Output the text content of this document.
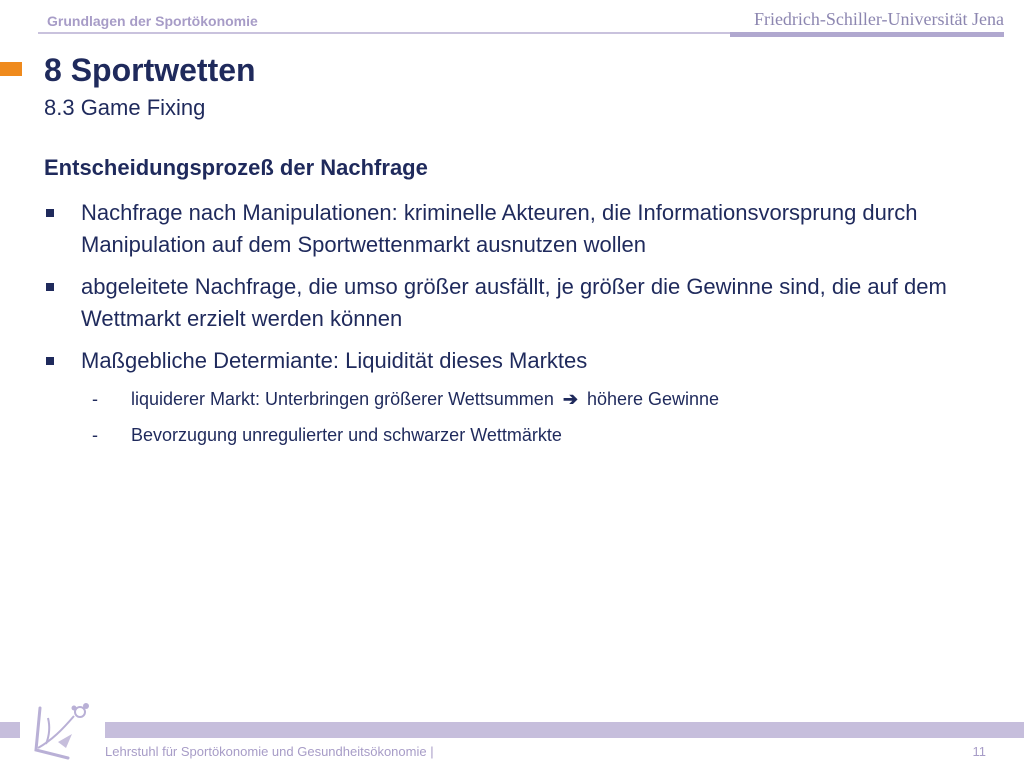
Grundlagen der Sportökonomie	Friedrich-Schiller-Universität Jena
8 Sportwetten
8.3 Game Fixing
Entscheidungsprozeß der Nachfrage
Nachfrage nach Manipulationen: kriminelle Akteuren, die Informationsvorsprung durch Manipulation auf dem Sportwettenmarkt ausnutzen wollen
abgeleitete Nachfrage, die umso größer ausfällt, je größer die Gewinne sind, die auf dem Wettmarkt erzielt werden können
Maßgebliche Determiante: Liquidität dieses Marktes
- liquiderer Markt: Unterbringen größerer Wettsummen ➔ höhere Gewinne
- Bevorzugung unregulierter und schwarzer Wettmärkte
Lehrstuhl für Sportökonomie und Gesundheitsökonomie |	11
